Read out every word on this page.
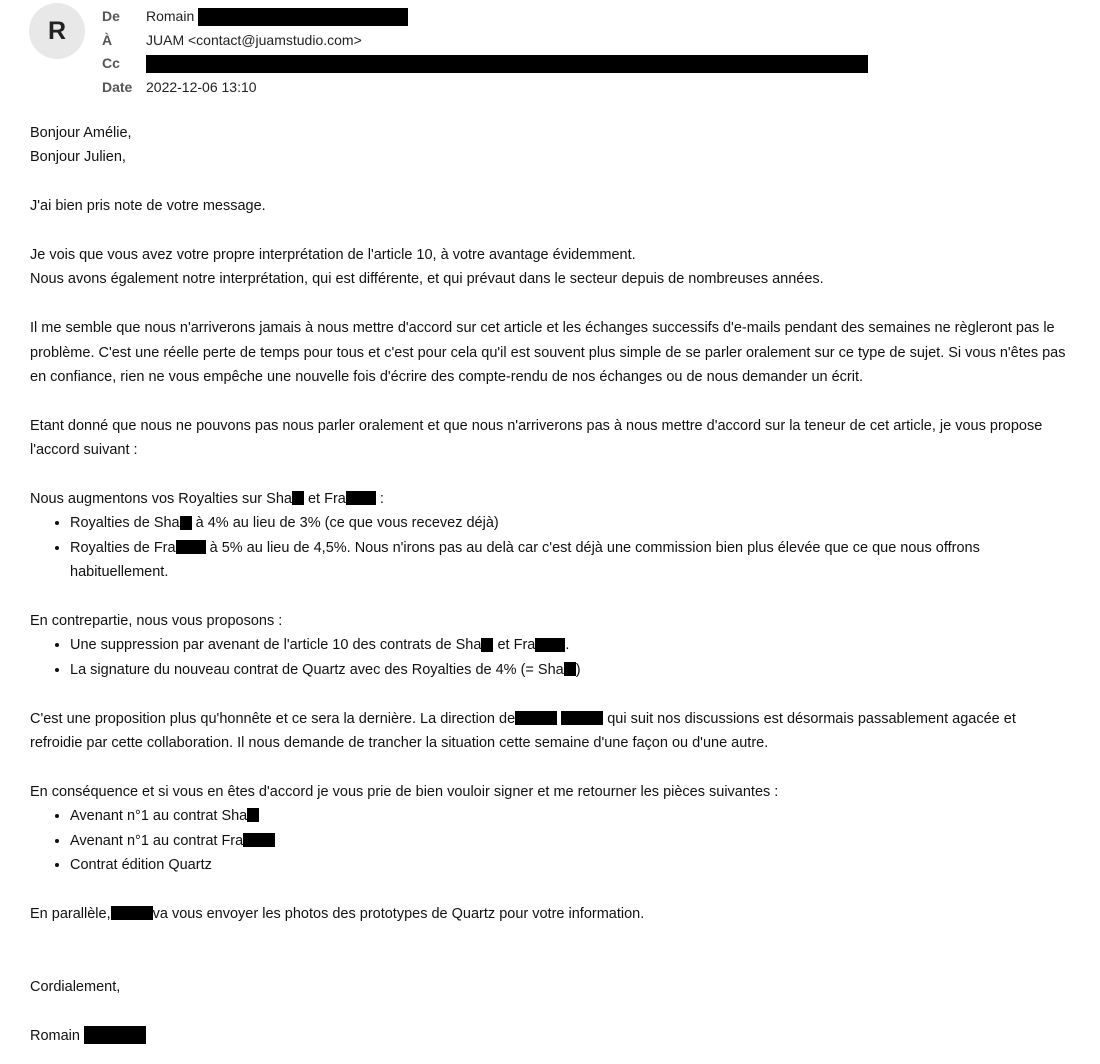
R
De	Romain
À	JUAM <contact@juamstudio.com>
Cc
Date 2022-12-06 13:10

Bonjour Amélie,

Bonjour Julien,

J'ai bien pris note de votre message.

Je vois que vous avez votre propre interprétation de l'article 10, à votre avantage évidemment.

Nous avons également notre interprétation, qui est différente, et qui prévaut dans le secteur depuis de nombreuses années.

Il me semble que nous n'arriverons jamais à nous mettre d'accord sur cet article et les échanges successifs d'e-mails pendant des semaines ne règleront pas le problème. C'est une réelle perte de temps pour tous et c'est pour cela qu'il est souvent plus simple de se parler oralement sur ce type de sujet. Si vous n'êtes pas en confiance, rien ne vous empêche une nouvelle fois d'écrire des compte-rendu de nos échanges ou de nous demander un écrit.

Etant donné que nous ne pouvons pas nous parler oralement et que nous n'arriverons pas à nous mettre d'accord sur la teneur de cet article, je vous propose l'accord suivant :

Nous augmentons vos Royalties sur Sha et Fra :

• Royalties de Sha à 4% au lieu de 3% (ce que vous recevez déjà)
• Royalties de Fra à 5% au lieu de 4,5%. Nous n'irons pas au delà car c'est déjà une commission bien plus élevée que ce que nous offrons habituellement.

En contrepartie, nous vous proposons :

• Une suppression par avenant de l'article 10 des contrats de Sha et Fra .
• La signature du nouveau contrat de Quartz avec des Royalties de 4% (= Sha )

C'est une proposition plus qu'honnête et ce sera la dernière. La direction de	qui suit nos discussions est désormais passablement agacée et refroidie par cette collaboration. Il nous demande de trancher la situation cette semaine d'une façon ou d'une autre.

En conséquence et si vous en êtes d'accord je vous prie de bien vouloir signer et me retourner les pièces suivantes :

• Avenant n°1 au contrat Sha
• Avenant n°1 au contrat Fra
• Contrat édition Quartz

En parallèle,	va vous envoyer les photos des prototypes de Quartz pour votre information.

Cordialement,

Romain
